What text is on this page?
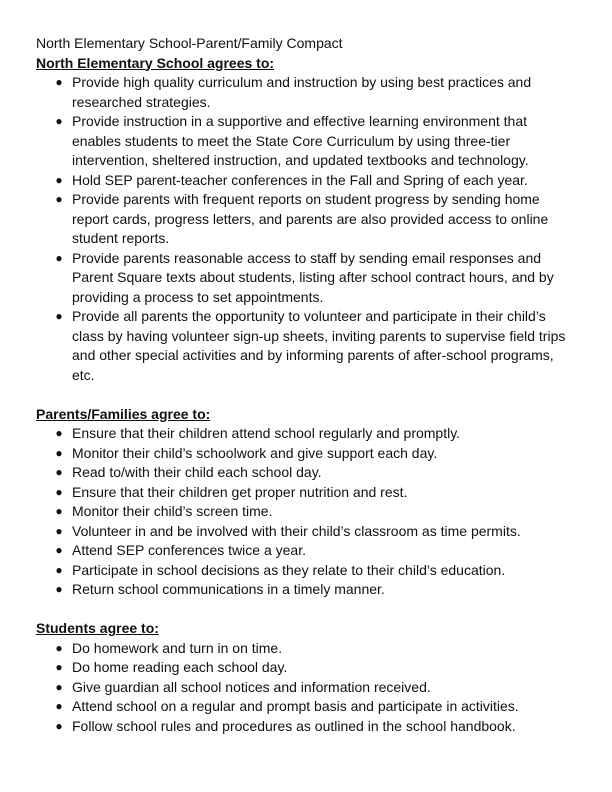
North Elementary School-Parent/Family Compact
North Elementary School agrees to:
● Provide high quality curriculum and instruction by using best practices and researched strategies.
● Provide instruction in a supportive and effective learning environment that enables students to meet the State Core Curriculum by using three-tier intervention, sheltered instruction, and updated textbooks and technology.
● Hold SEP parent-teacher conferences in the Fall and Spring of each year.
● Provide parents with frequent reports on student progress by sending home report cards, progress letters, and parents are also provided access to online student reports.
● Provide parents reasonable access to staff by sending email responses and Parent Square texts about students, listing after school contract hours, and by providing a process to set appointments.
● Provide all parents the opportunity to volunteer and participate in their child’s class by having volunteer sign-up sheets, inviting parents to supervise field trips and other special activities and by informing parents of after-school programs, etc.
Parents/Families agree to:
● Ensure that their children attend school regularly and promptly.
● Monitor their child’s schoolwork and give support each day.
● Read to/with their child each school day.
● Ensure that their children get proper nutrition and rest.
● Monitor their child’s screen time.
● Volunteer in and be involved with their child’s classroom as time permits.
● Attend SEP conferences twice a year.
● Participate in school decisions as they relate to their child’s education.
● Return school communications in a timely manner.
Students agree to:
● Do homework and turn in on time.
● Do home reading each school day.
● Give guardian all school notices and information received.
● Attend school on a regular and prompt basis and participate in activities.
● Follow school rules and procedures as outlined in the school handbook.
